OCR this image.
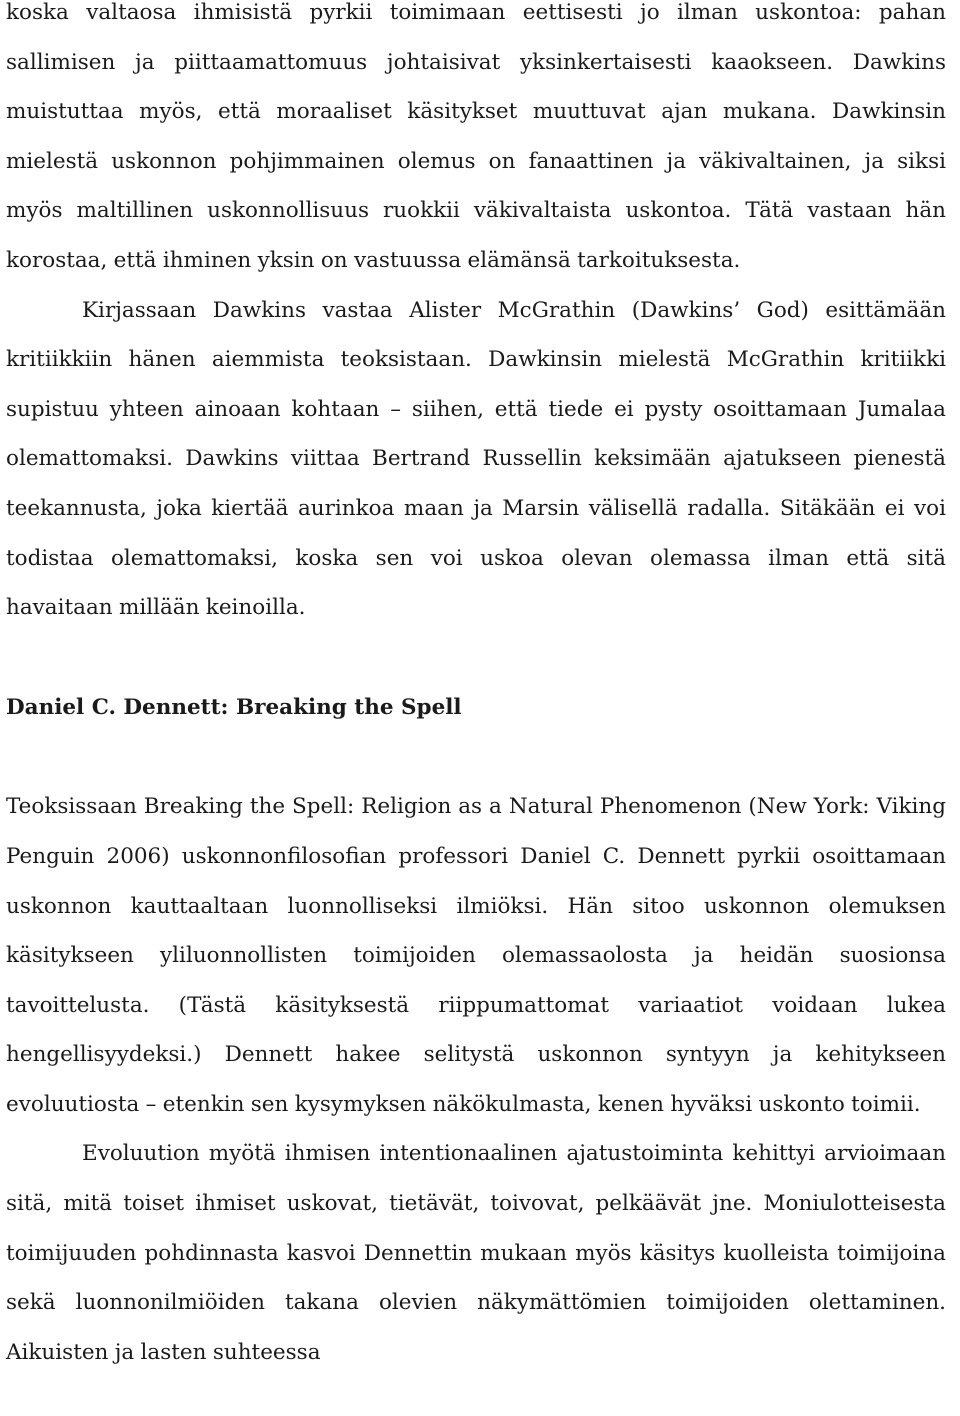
koska valtaosa ihmisistä pyrkii toimimaan eettisesti jo ilman uskontoa: pahan sallimisen ja piittaamattomuus johtaisivat yksinkertaisesti kaaokseen. Dawkins muistuttaa myös, että moraaliset käsitykset muuttuvat ajan mukana. Dawkinsin mielestä uskonnon pohjimmainen olemus on fanaattinen ja väkivaltainen, ja siksi myös maltillinen uskonnollisuus ruokkii väkivaltaista uskontoa. Tätä vastaan hän korostaa, että ihminen yksin on vastuussa elämänsä tarkoituksesta.

Kirjassaan Dawkins vastaa Alister McGrathin (Dawkins’ God) esittämään kritiikkiin hänen aiemmista teoksistaan. Dawkinsin mielestä McGrathin kritiikki supistuu yhteen ainoaan kohtaan – siihen, että tiede ei pysty osoittamaan Jumalaa olemattomaksi. Dawkins viittaa Bertrand Russellin keksimään ajatukseen pienestä teekannusta, joka kiertää aurinkoa maan ja Marsin välisellä radalla. Sitäkään ei voi todistaa olemattomaksi, koska sen voi uskoa olevan olemassa ilman että sitä havaitaan millään keinoilla.

Daniel C. Dennett: Breaking the Spell

Teoksissaan Breaking the Spell: Religion as a Natural Phenomenon (New York: Viking Penguin 2006) uskonnonfilosofian professori Daniel C. Dennett pyrkii osoittamaan uskonnon kauttaaltaan luonnolliseksi ilmiöksi. Hän sitoo uskonnon olemuksen käsitykseen yliluonnollisten toimijoiden olemassaolosta ja heidän suosionsa tavoittelusta. (Tästä käsityksestä riippumattomat variaatiot voidaan lukea hengellisyydeksi.) Dennett hakee selitystä uskonnon syntyyn ja kehitykseen evoluutiosta – etenkin sen kysymyksen näkökulmasta, kenen hyväksi uskonto toimii.

Evoluution myötä ihmisen intentionaalinen ajatustoiminta kehittyi arvioimaan sitä, mitä toiset ihmiset uskovat, tietävät, toivovat, pelkäävät jne. Moniulotteisesta toimijuuden pohdinnasta kasvoi Dennettin mukaan myös käsitys kuolleista toimijoina sekä luonnonilmiöiden takana olevien näkymättömien toimijoiden olettaminen. Aikuisten ja lasten suhteessa
